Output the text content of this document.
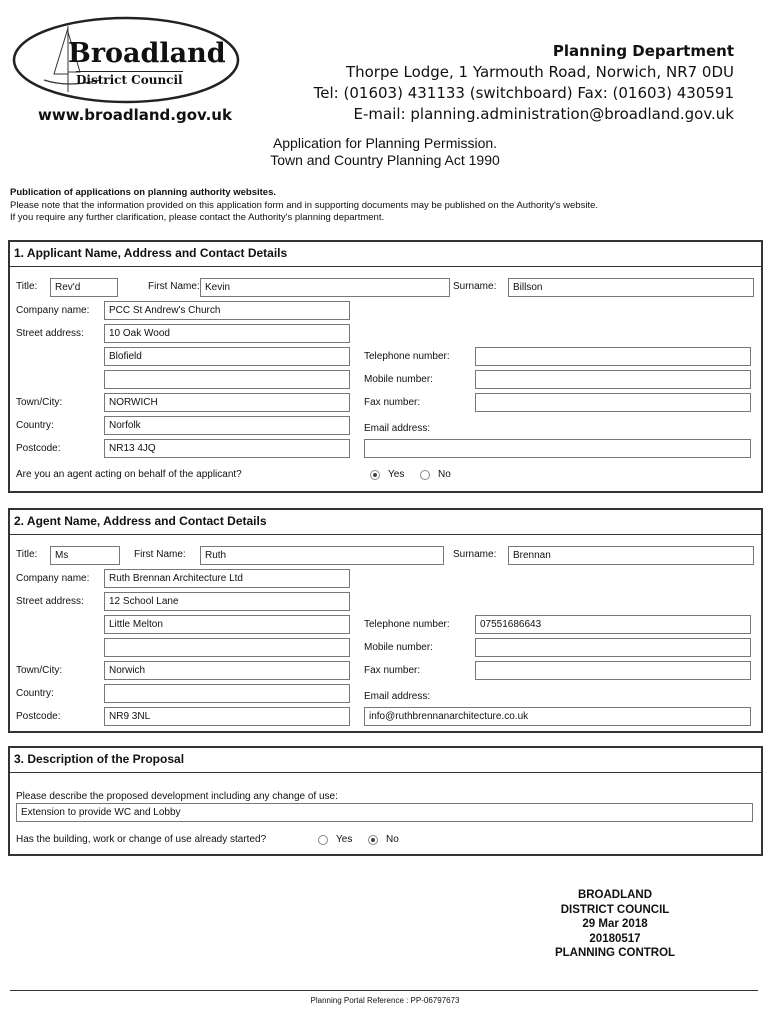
Broadland
District Council
www.broadland.gov.uk
Planning Department
Thorpe Lodge, 1 Yarmouth Road, Norwich, NR7 0DU
Tel: (01603) 431133 (switchboard) Fax: (01603) 430591
E-mail: planning.administration@broadland.gov.uk
Application for Planning Permission.
Town and Country Planning Act 1990
Publication of applications on planning authority websites.
Please note that the information provided on this application form and in supporting documents may be published on the Authority's website.
If you require any further clarification, please contact the Authority's planning department.
1. Applicant Name, Address and Contact Details
Title:	Rev'd	First Name: Kevin	Surname:	Billson
Company name:	PCC St Andrew's Church
Street address:	10 Oak Wood
Blofield	Telephone number:
Mobile number:
Town/City:	NORWICH	Fax number:
Country:	Norfolk	Email address:
Postcode:	NR13 4JQ
Are you an agent acting on behalf of the applicant?	Yes	No
2. Agent Name, Address and Contact Details
Title:	Ms	First Name:	Ruth	Surname:	Brennan
Company name:	Ruth Brennan Architecture Ltd
Street address:	12 School Lane
Little Melton	Telephone number:	07551686643
Mobile number:
Town/City:	Norwich	Fax number:
Country:	Email address:
Postcode:	NR9 3NL	info@ruthbrennanarchitecture.co.uk
3. Description of the Proposal
Please describe the proposed development including any change of use:
Extension to provide WC and Lobby
Has the building, work or change of use already started?	Yes	No
BROADLAND
DISTRICT COUNCIL
29 Mar 2018
20180517
PLANNING CONTROL
Planning Portal Reference : PP-06797673
